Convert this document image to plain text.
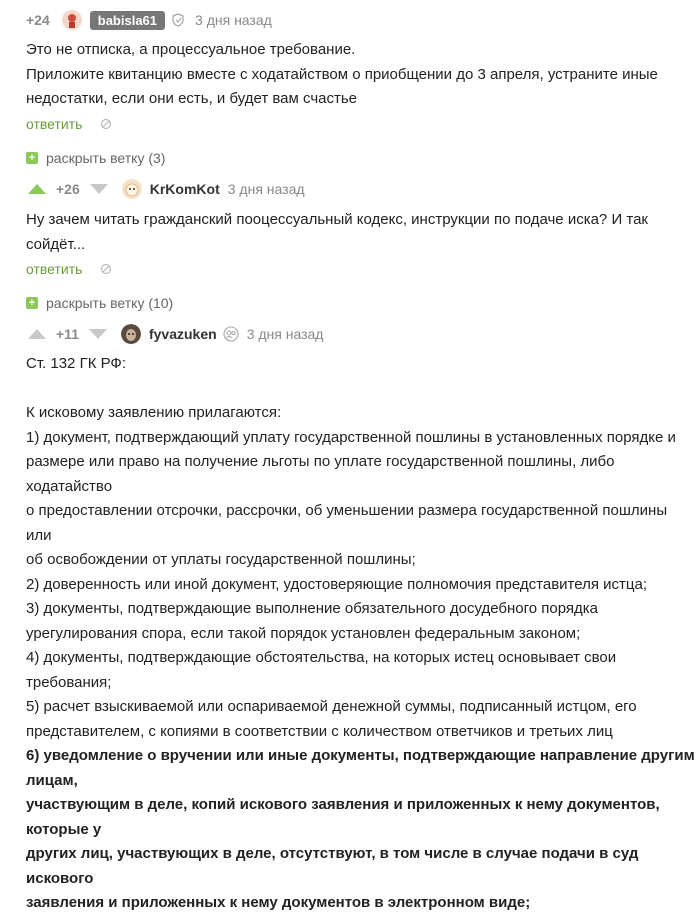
+24	babisla61	3 дня назад

Это не отписка, а процессуальное требование.

Приложите квитанцию вместе с ходатайством о приобщении до 3 апреля, устраните иные

недостатки, если они есть, и будет вам счастье

ответить
+ раскрыть ветку (3)
+26	KrKomKot 3 дня назад

Ну зачем читать гражданский пооцессуальный кодекс, инструкции по подаче иска? И так

сойдёт...

ответить
+ раскрыть ветку (10)
+11	fyvazuken 3 дня назад

Ст. 132 ГК РФ:

К исковому заявлению прилагаются:

1) документ, подтверждающий уплату государственной пошлины в установленных порядке и

размере или право на получение льготы по уплате государственной пошлины, либо ходатайство

о предоставлении отсрочки, рассрочки, об уменьшении размера государственной пошлины или

об освобождении от уплаты государственной пошлины;

2) доверенность или иной документ, удостоверяющие полномочия представителя истца;

3) документы, подтверждающие выполнение обязательного досудебного порядка

урегулирования спора, если такой порядок установлен федеральным законом;

4) документы, подтверждающие обстоятельства, на которых истец основывает свои требования;

5) расчет взыскиваемой или оспариваемой денежной суммы, подписанный истцом, его

представителем, с копиями в соответствии с количеством ответчиков и третьих лиц

6) уведомление о вручении или иные документы, подтверждающие направление другим лицам,

участвующим в деле, копий искового заявления и приложенных к нему документов, которые у

других лиц, участвующих в деле, отсутствуют, в том числе в случае подачи в суд искового

заявления и приложенных к нему документов в электронном виде;
